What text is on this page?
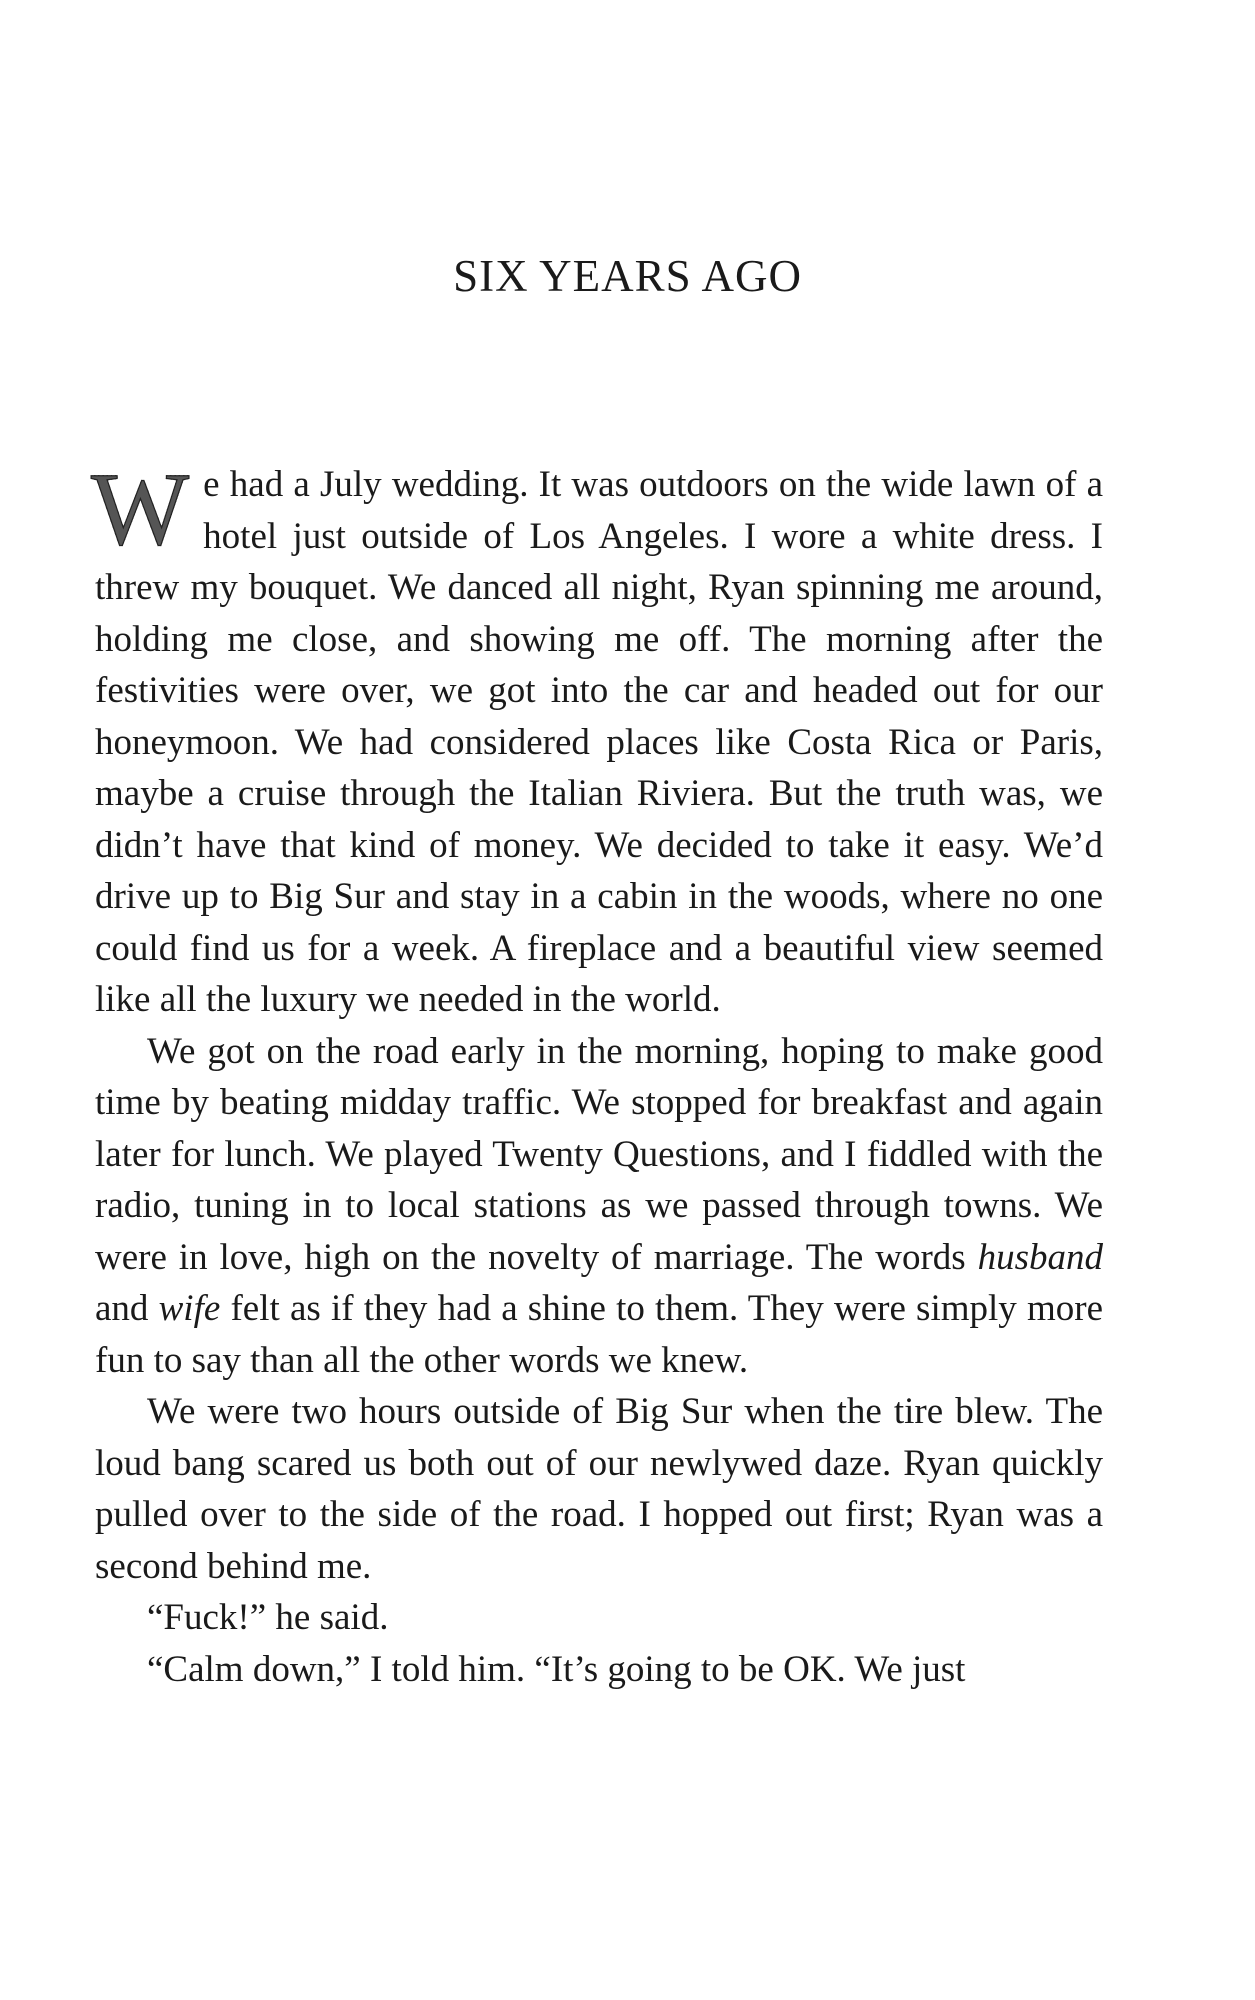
SIX YEARS AGO

W e had a July wedding. It was outdoors on the wide lawn of a hotel just outside of Los Angeles. I wore a white dress. I threw my bouquet. We danced all night, Ryan spinning me around, holding me close, and showing me off. The morning after the festivities were over, we got into the car and headed out for our honeymoon. We had considered places like Costa Rica or Paris, maybe a cruise through the Italian Riviera. But the truth was, we didn’t have that kind of money. We decided to take it easy. We’d drive up to Big Sur and stay in a cabin in the woods, where no one could find us for a week. A fireplace and a beautiful view seemed like all the luxury we needed in the world.

We got on the road early in the morning, hoping to make good time by beating midday traffic. We stopped for breakfast and again later for lunch. We played Twenty Questions, and I fiddled with the radio, tuning in to local stations as we passed through towns. We were in love, high on the novelty of marriage. The words husband and wife felt as if they had a shine to them. They were simply more fun to say than all the other words we knew.

We were two hours outside of Big Sur when the tire blew. The loud bang scared us both out of our newlywed daze. Ryan quickly pulled over to the side of the road. I hopped out first; Ryan was a second behind me.

“Fuck!” he said.

“Calm down,” I told him. “It’s going to be OK. We just
